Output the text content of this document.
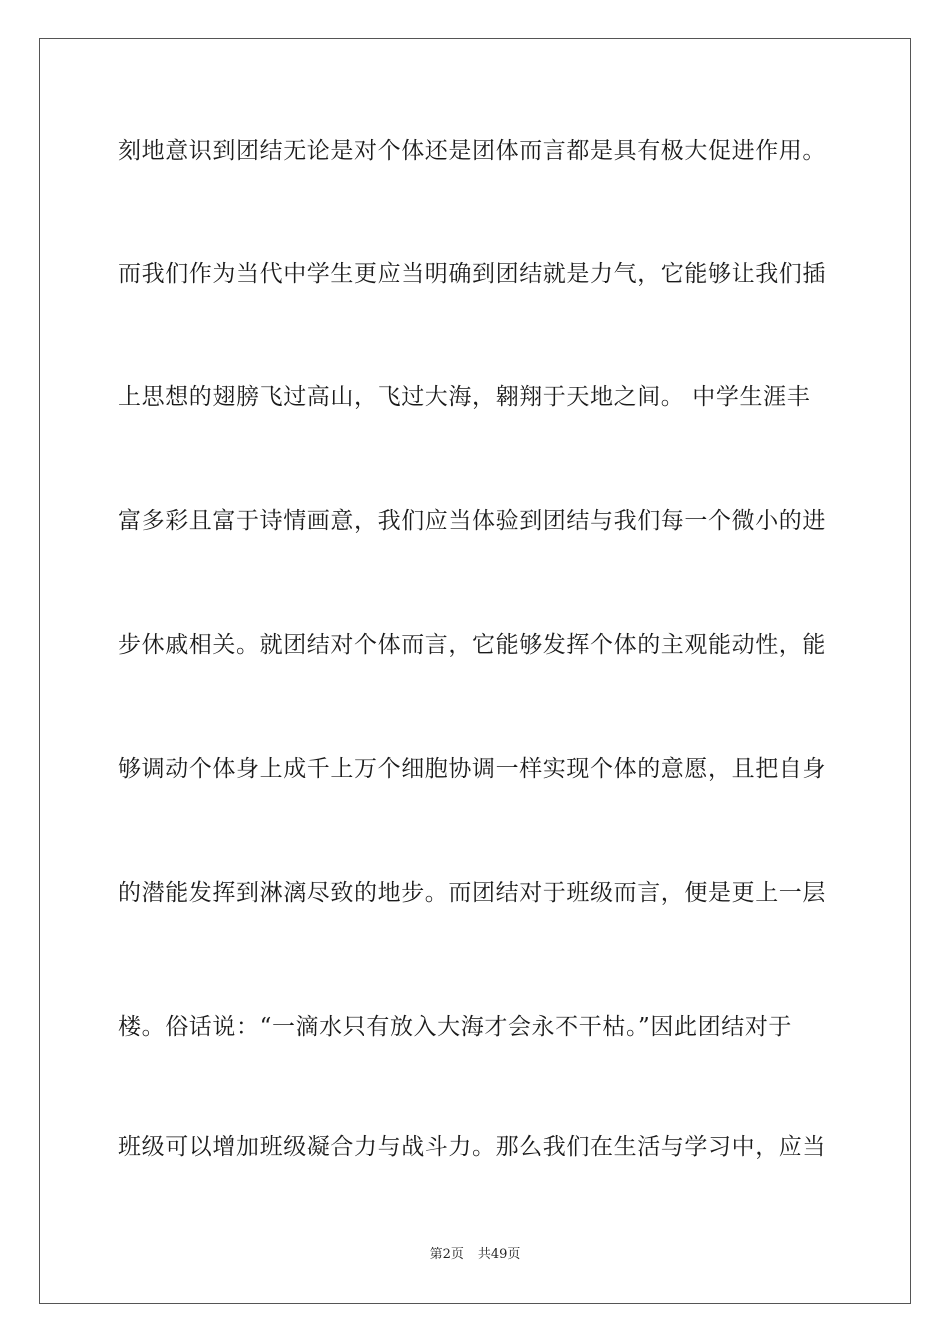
刻地意识到团结无论是对个体还是团体而言都是具有极大促进作用。
而我们作为当代中学生更应当明确到团结就是力气，它能够让我们插
上思想的翅膀飞过高山，飞过大海，翱翔于天地之间。 中学生涯丰
富多彩且富于诗情画意，我们应当体验到团结与我们每一个微小的进
步休戚相关。就团结对个体而言，它能够发挥个体的主观能动性，能
够调动个体身上成千上万个细胞协调一样实现个体的意愿，且把自身
的潜能发挥到淋漓尽致的地步。而团结对于班级而言，便是更上一层
楼。俗话说：“一滴水只有放入大海才会永不干枯。”因此团结对于
班级可以增加班级凝合力与战斗力。那么我们在生活与学习中，应当
第2页 共49页
